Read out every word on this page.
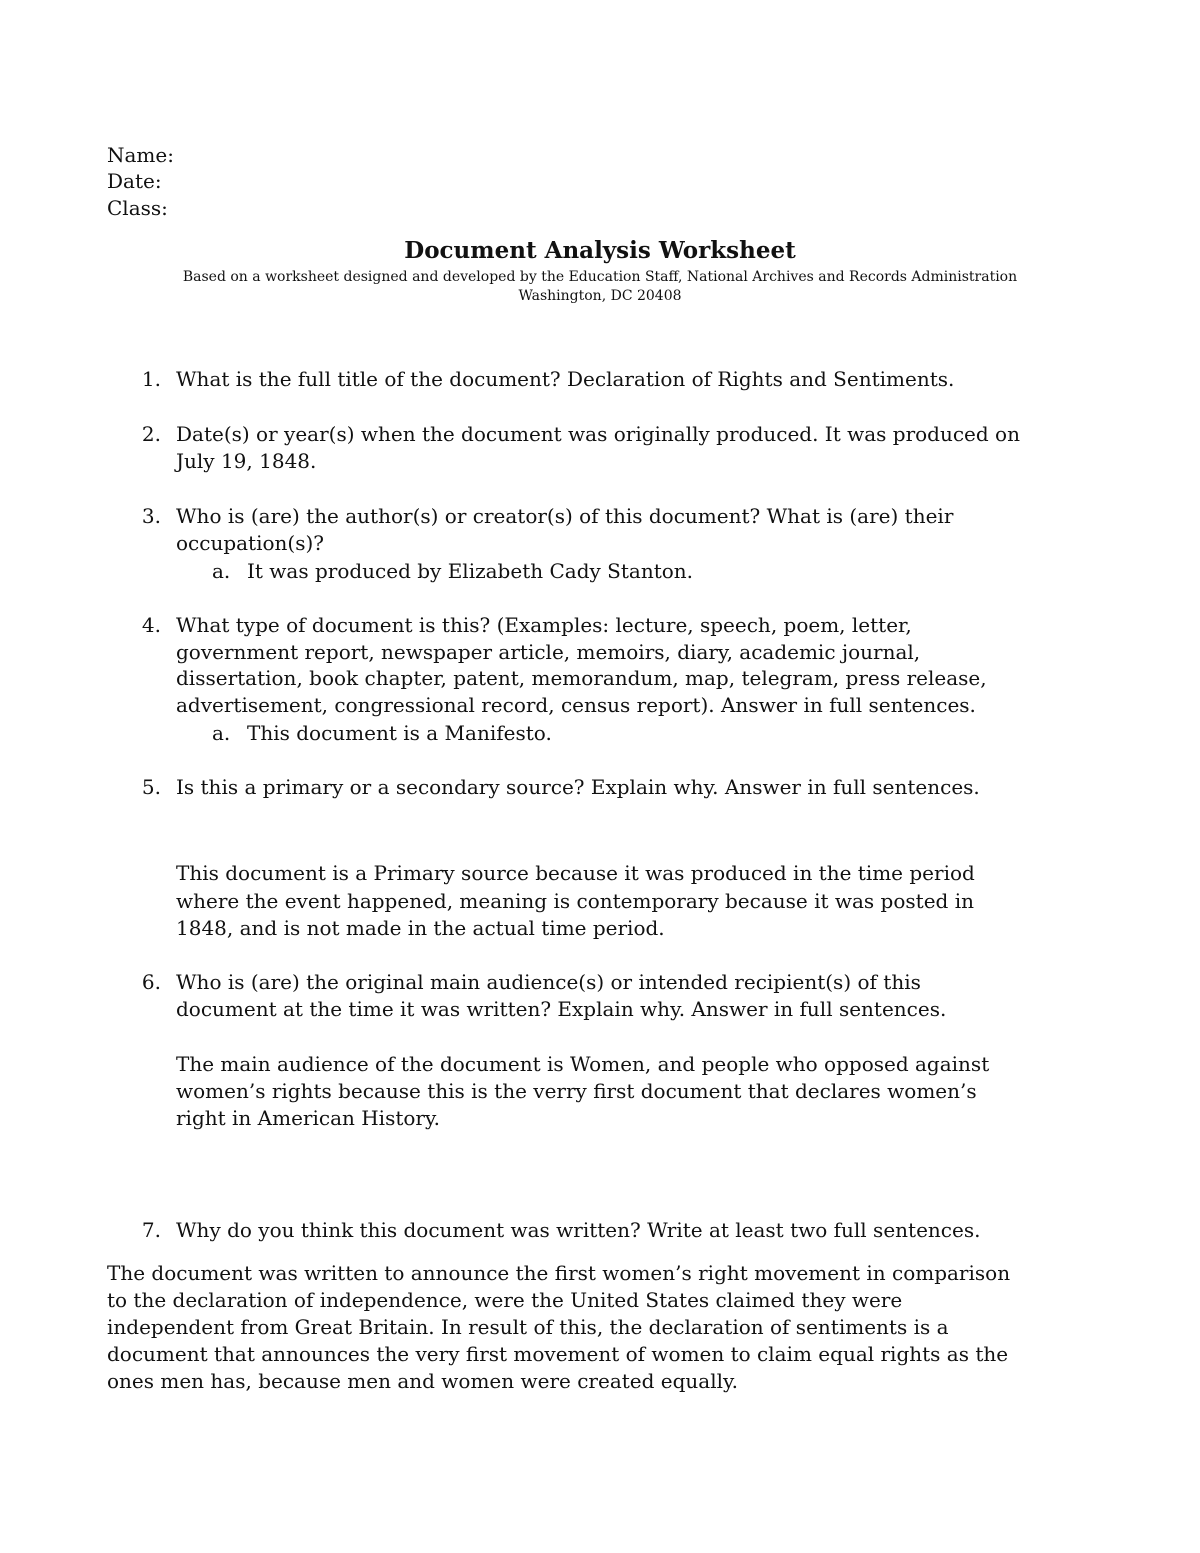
Name:
Date:
Class:
Document Analysis Worksheet
Based on a worksheet designed and developed by the Education Staff, National Archives and Records Administration
Washington, DC 20408
1. What is the full title of the document? Declaration of Rights and Sentiments.
2. Date(s) or year(s) when the document was originally produced. It was produced on
July 19, 1848.
3. Who is (are) the author(s) or creator(s) of this document? What is (are) their
occupation(s)?
a. It was produced by Elizabeth Cady Stanton.
4. What type of document is this? (Examples: lecture, speech, poem, letter,
government report, newspaper article, memoirs, diary, academic journal,
dissertation, book chapter, patent, memorandum, map, telegram, press release,
advertisement, congressional record, census report). Answer in full sentences.
a. This document is a Manifesto.
5. Is this a primary or a secondary source? Explain why. Answer in full sentences.
This document is a Primary source because it was produced in the time period
where the event happened, meaning is contemporary because it was posted in
1848, and is not made in the actual time period.
6. Who is (are) the original main audience(s) or intended recipient(s) of this
document at the time it was written? Explain why. Answer in full sentences.
The main audience of the document is Women, and people who opposed against
women’s rights because this is the verry first document that declares women’s
right in American History.
7. Why do you think this document was written? Write at least two full sentences.
The document was written to announce the first women’s right movement in comparison
to the declaration of independence, were the United States claimed they were
independent from Great Britain. In result of this, the declaration of sentiments is a
document that announces the very first movement of women to claim equal rights as the
ones men has, because men and women were created equally.
